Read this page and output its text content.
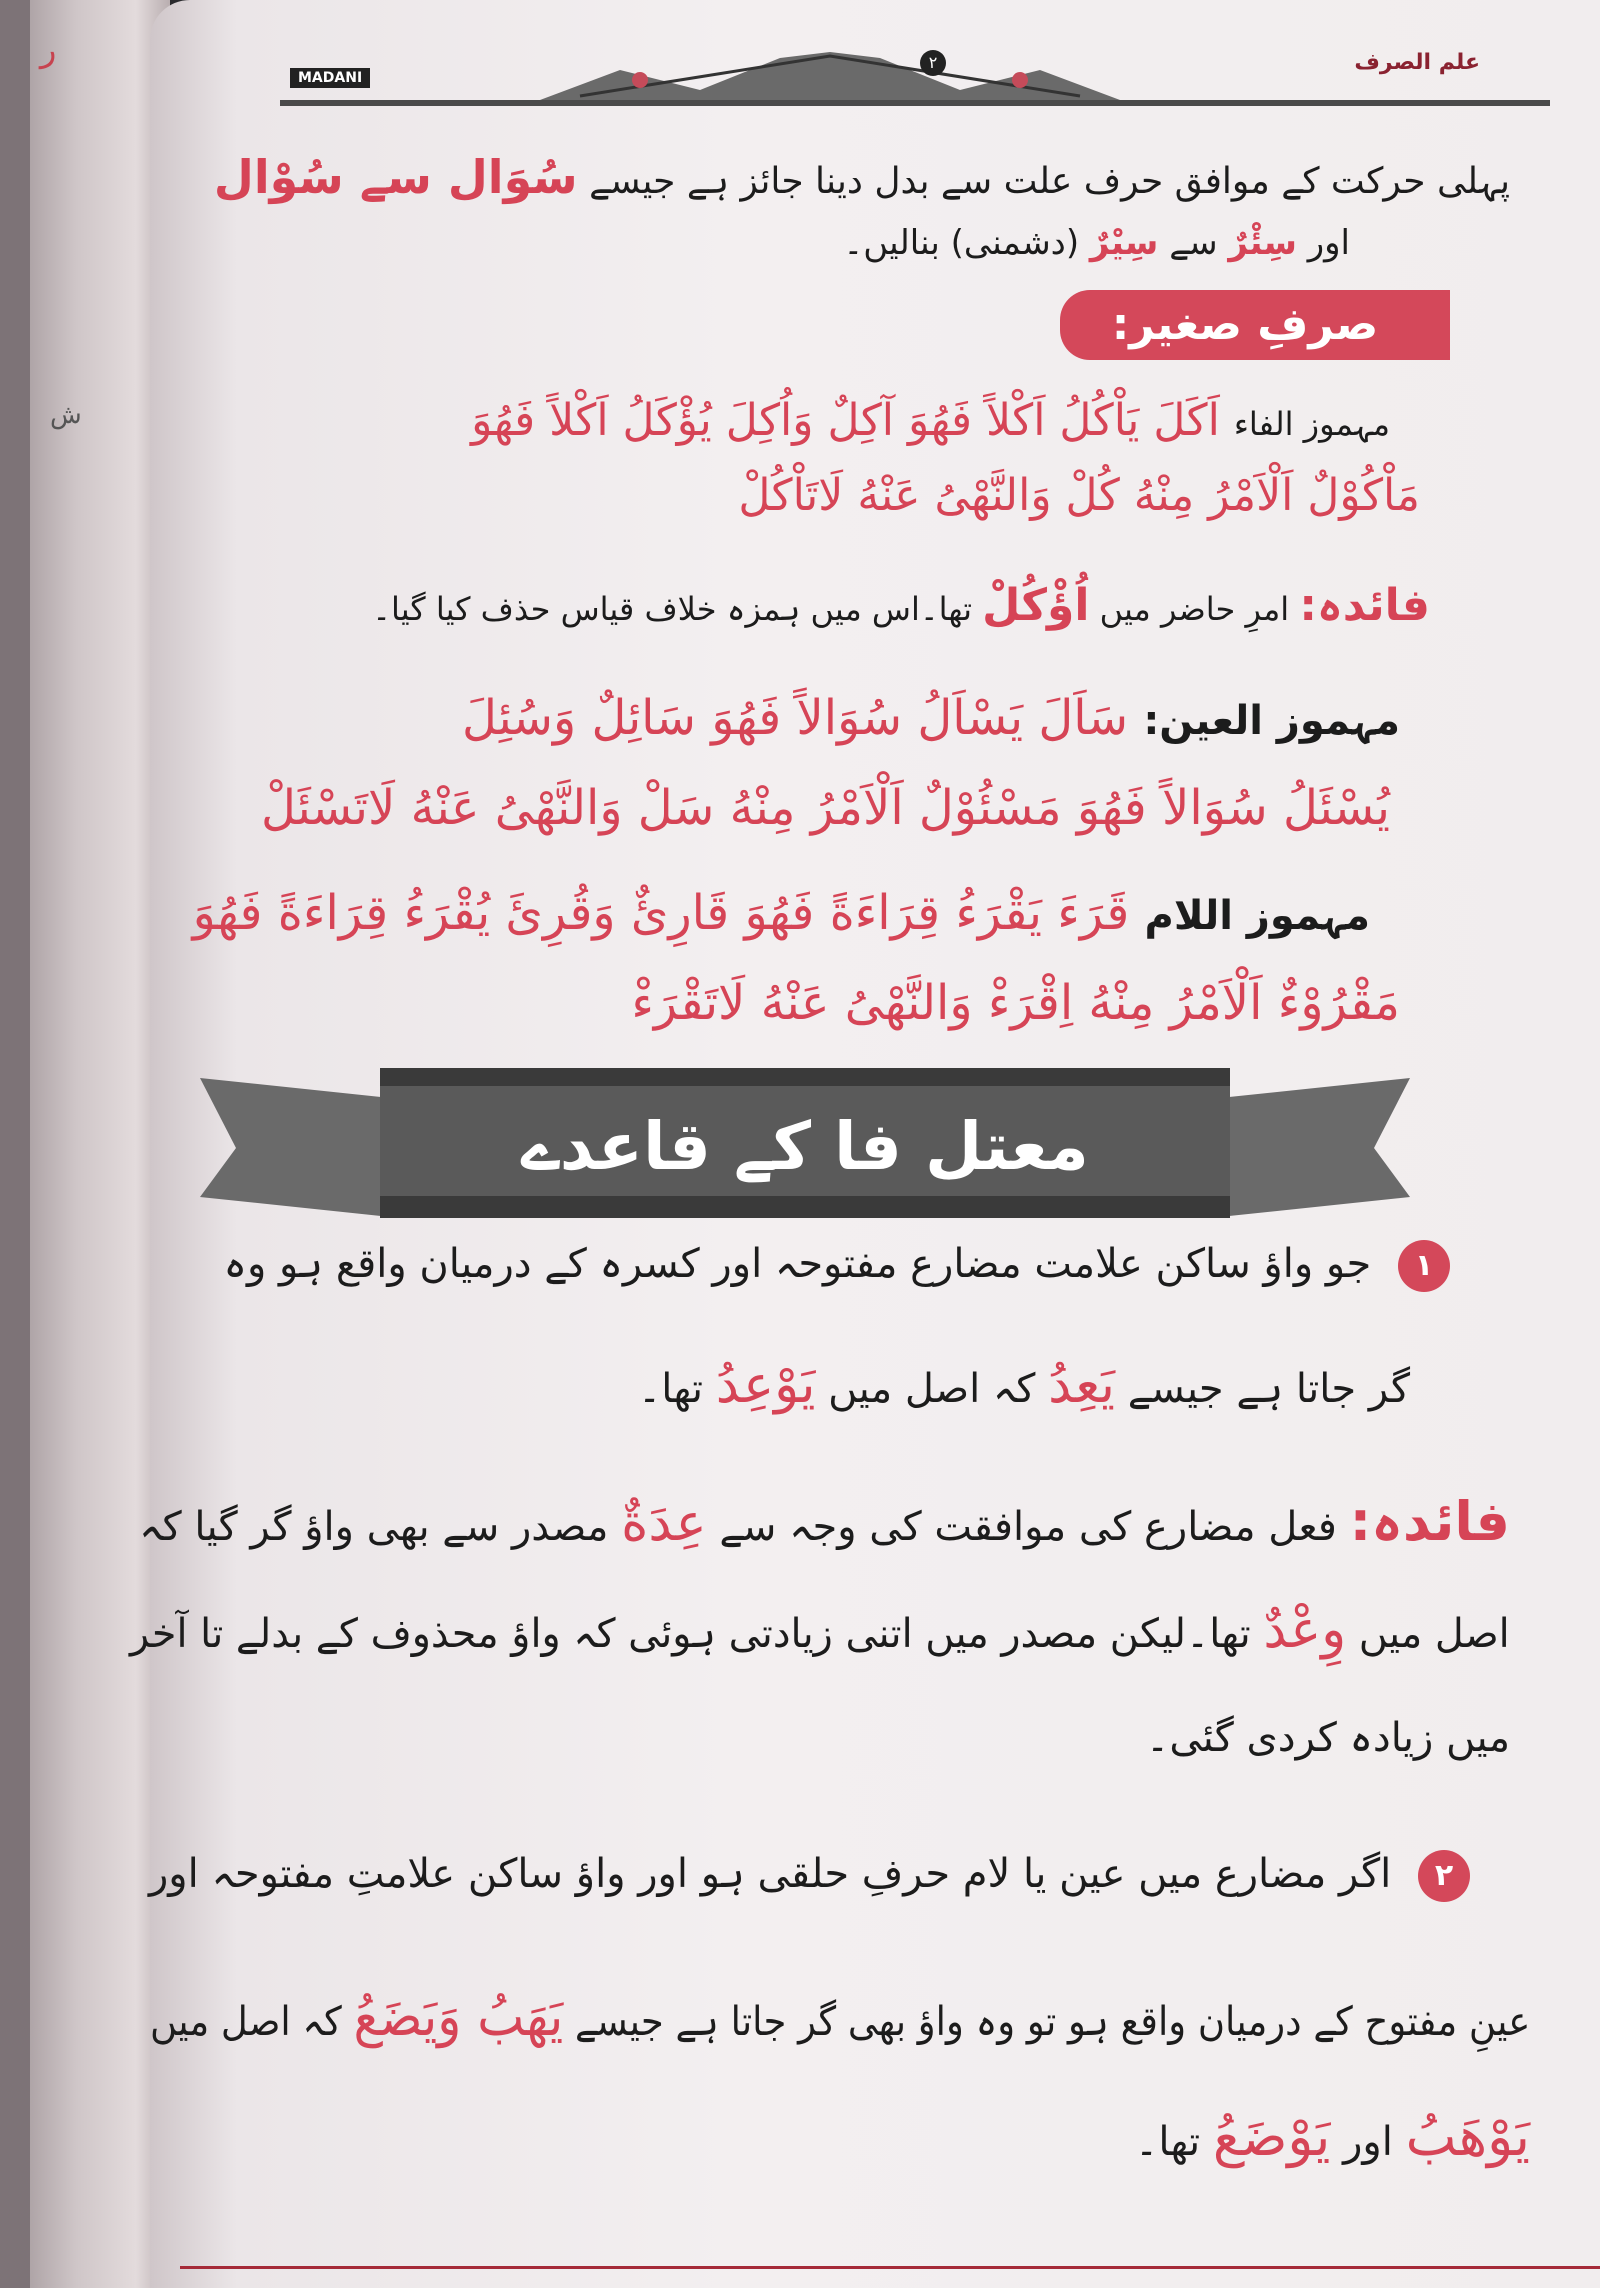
ر
ش
MADANI
علم الصرف
۲
پہلی حرکت کے موافق حرف علت سے بدل دینا جائز ہے جیسے سُوَال سے سُوْال
اور سِئْرٌ سے سِیْرٌ (دشمنی) بنالیں۔
صرفِ صغیر:
مہموز الفاء اَکَلَ یَاْکُلُ اَکْلاً فَھُوَ آکِلٌ وَاُکِلَ یُؤْکَلُ اَکْلاً فَھُوَ
مَاْکُوْلٌ اَلْاَمْرُ مِنْهُ کُلْ وَالنَّھْیُ عَنْهُ لَاتَاْکُلْ
فائدہ: امرِ حاضر میں اُؤْکُلْ تھا۔اس میں ہمزہ خلاف قیاس حذف کیا گیا۔
مہموز العین: سَاَلَ یَسْاَلُ سُوَالاً فَھُوَ سَائِلٌ وَسُئِلَ
یُسْئَلُ سُوَالاً فَھُوَ مَسْئُوْلٌ اَلْاَمْرُ مِنْهُ سَلْ وَالنَّھْیُ عَنْهُ لَاتَسْئَلْ
مہموز اللام قَرَءَ یَقْرَءُ قِرَاءَةً فَھُوَ قَارِئٌ وَقُرِئَ یُقْرَءُ قِرَاءَةً فَھُوَ
مَقْرُوْءٌ اَلْاَمْرُ مِنْهُ اِقْرَءْ وَالنَّھْیُ عَنْهُ لَاتَقْرَءْ
معتل فا کے قاعدے
۱ جو واؤ ساکن علامت مضارع مفتوحہ اور کسرہ کے درمیان واقع ہو وہ
گر جاتا ہے جیسے یَعِدُ کہ اصل میں یَوْعِدُ تھا۔
فائدہ: فعل مضارع کی موافقت کی وجہ سے عِدَةٌ مصدر سے بھی واؤ گر گیا کہ
اصل میں وِعْدٌ تھا۔لیکن مصدر میں اتنی زیادتی ہوئی کہ واؤ محذوف کے بدلے تا آخر
میں زیادہ کردی گئی۔
۲ اگر مضارع میں عین یا لام حرفِ حلقی ہو اور واؤ ساکن علامتِ مفتوحہ اور
عینِ مفتوح کے درمیان واقع ہو تو وہ واؤ بھی گر جاتا ہے جیسے یَھَبُ وَیَضَعُ کہ اصل میں
یَوْهَبُ اور یَوْضَعُ تھا۔
